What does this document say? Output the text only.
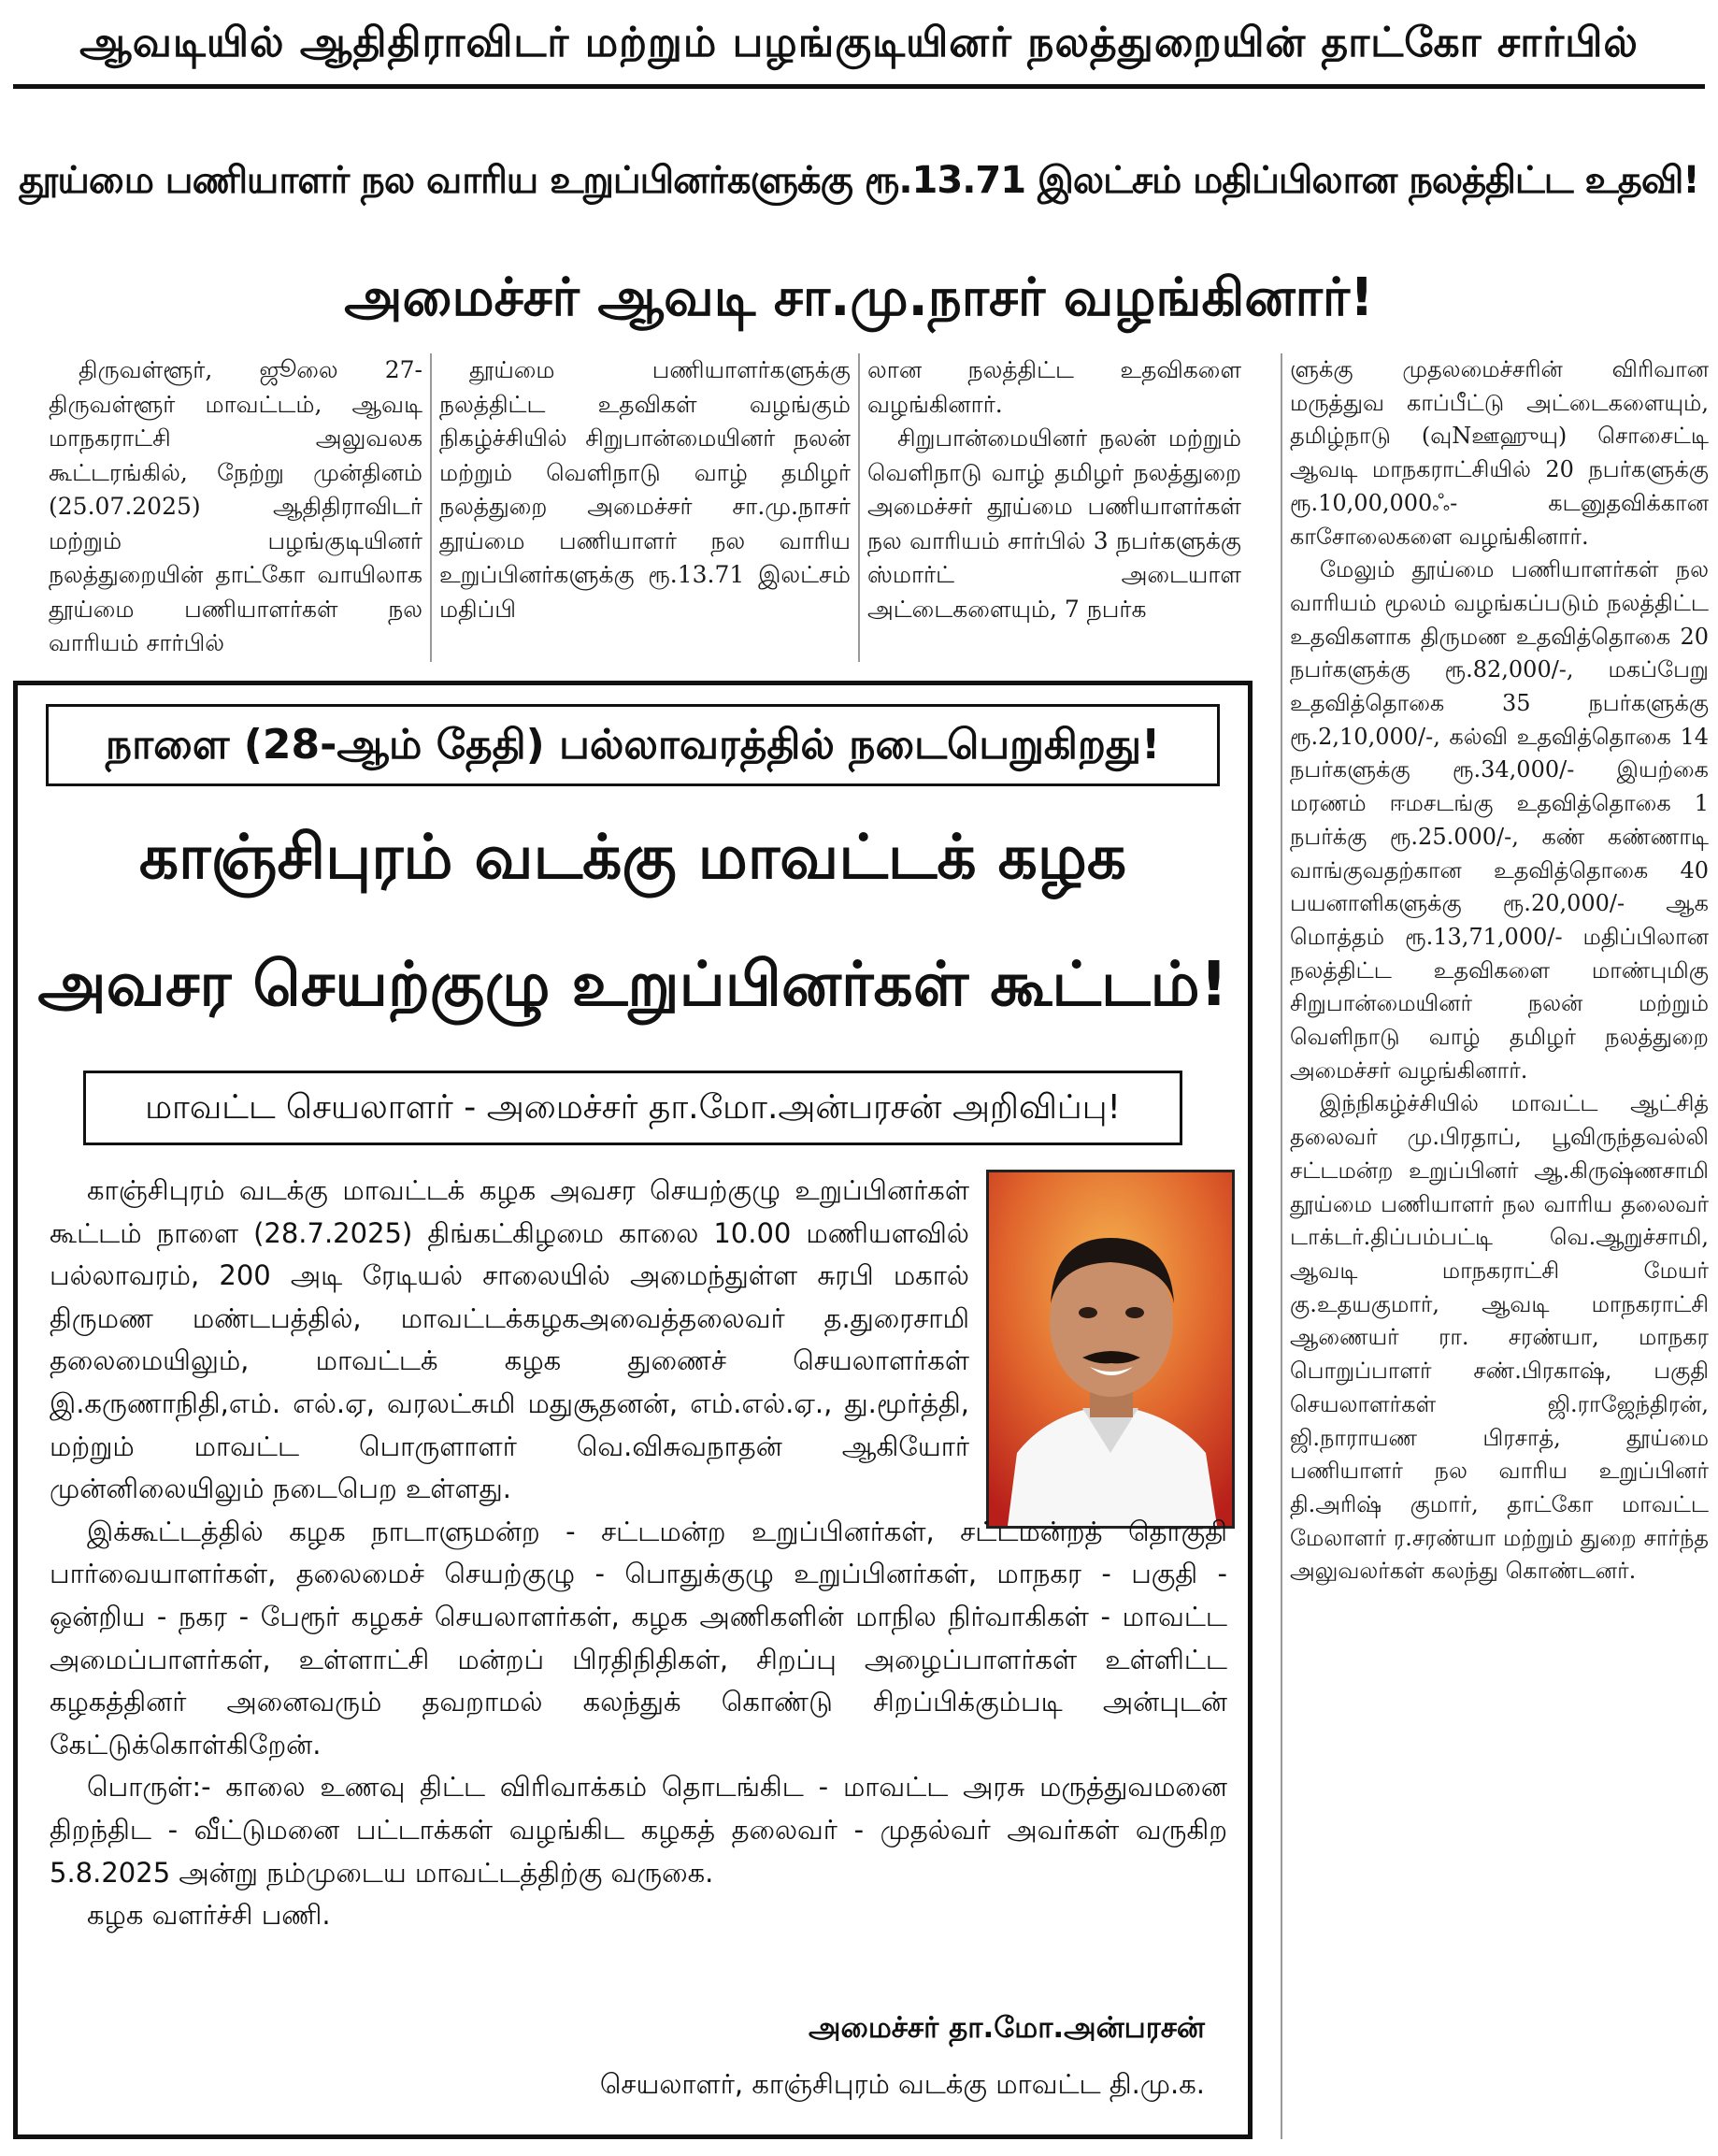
ஆவடியில் ஆதிதிராவிடர் மற்றும் பழங்குடியினர் நலத்துறையின் தாட்கோ சார்பில்
தூய்மை பணியாளர் நல வாரிய உறுப்பினர்களுக்கு ரூ.13.71 இலட்சம் மதிப்பிலான நலத்திட்ட உதவி!
அமைச்சர் ஆவடி சா.மு.நாசர் வழங்கினார்!

திருவள்ளூர், ஜூலை 27- திருவள்ளூர் மாவட்டம், ஆவடி மாநகராட்சி அலுவலக கூட்டரங்கில், நேற்று முன்தினம் (25.07.2025) ஆதிதிராவிடர் மற்றும் பழங்குடியினர் நலத்துறையின் தாட்கோ வாயிலாக தூய்மை பணியாளர்கள் நல வாரியம் சார்பில்

தூய்மை பணியாளர்களுக்கு நலத்திட்ட உதவிகள் வழங்கும் நிகழ்ச்சியில் சிறுபான்மையினர் நலன் மற்றும் வெளிநாடு வாழ் தமிழர் நலத்துறை அமைச்சர் சா.மு.நாசர் தூய்மை பணியாளர் நல வாரிய உறுப்பினர்களுக்கு ரூ.13.71 இலட்சம் மதிப்பி

லான நலத்திட்ட உதவிகளை வழங்கினார்.

சிறுபான்மையினர் நலன் மற்றும் வெளிநாடு வாழ் தமிழர் நலத்துறை அமைச்சர் தூய்மை பணியாளர்கள் நல வாரியம் சார்பில் 3 நபர்களுக்கு ஸ்மார்ட் அடையாள அட்டைகளையும், 7 நபர்க

ளுக்கு முதலமைச்சரின் விரிவான மருத்துவ காப்பீட்டு அட்டைகளையும், தமிழ்நாடு (வுNஊஹுயு) சொசைட்டி ஆவடி மாநகராட்சியில் 20 நபர்களுக்கு ரூ.10,00,000ஃ- கடனுதவிக்கான காசோலைகளை வழங்கினார்.

மேலும் தூய்மை பணியாளர்கள் நல வாரியம் மூலம் வழங்கப்படும் நலத்திட்ட உதவிகளாக திருமண உதவித்தொகை 20 நபர்களுக்கு ரூ.82,000/-, மகப்பேறு உதவித்தொகை 35 நபர்களுக்கு ரூ.2,10,000/-, கல்வி உதவித்தொகை 14 நபர்களுக்கு ரூ.34,000/- இயற்கை மரணம் ஈமசடங்கு உதவித்தொகை 1 நபர்க்கு ரூ.25.000/-, கண் கண்ணாடி வாங்குவதற்கான உதவித்தொகை 40 பயனாளிகளுக்கு ரூ.20,000/- ஆக மொத்தம் ரூ.13,71,000/- மதிப்பிலான நலத்திட்ட உதவிகளை மாண்புமிகு சிறுபான்மையினர் நலன் மற்றும் வெளிநாடு வாழ் தமிழர் நலத்துறை அமைச்சர் வழங்கினார்.

இந்நிகழ்ச்சியில் மாவட்ட ஆட்சித் தலைவர் மு.பிரதாப், பூவிருந்தவல்லி சட்டமன்ற உறுப்பினர் ஆ.கிருஷ்ணசாமி தூய்மை பணியாளர் நல வாரிய தலைவர் டாக்டர்.திப்பம்பட்டி வெ.ஆறுச்சாமி, ஆவடி மாநகராட்சி மேயர் கு.உதயகுமார், ஆவடி மாநகராட்சி ஆணையர் ரா. சரண்யா, மாநகர பொறுப்பாளர் சண்.பிரகாஷ், பகுதி செயலாளர்கள் ஜி.ராஜேந்திரன், ஜி.நாராயண பிரசாத், தூய்மை பணியாளர் நல வாரிய உறுப்பினர் தி.அரிஷ் குமார், தாட்கோ மாவட்ட மேலாளர் ர.சரண்யா மற்றும் துறை சார்ந்த அலுவலர்கள் கலந்து கொண்டனர்.

நாளை (28-ஆம் தேதி) பல்லாவரத்தில் நடைபெறுகிறது!
காஞ்சிபுரம் வடக்கு மாவட்டக் கழக
அவசர செயற்குழு உறுப்பினர்கள் கூட்டம்!
மாவட்ட செயலாளர் - அமைச்சர் தா.மோ.அன்பரசன் அறிவிப்பு!

காஞ்சிபுரம் வடக்கு மாவட்டக் கழக அவசர செயற்குழு உறுப்பினர்கள் கூட்டம் நாளை (28.7.2025) திங்கட்கிழமை காலை 10.00 மணியளவில் பல்லாவரம், 200 அடி ரேடியல் சாலையில் அமைந்துள்ள சுரபி மகால் திருமண மண்டபத்தில், மாவட்டக்கழகஅவைத்தலைவர் த.துரைசாமி தலைமையிலும், மாவட்டக் கழக துணைச் செயலாளர்கள் இ.கருணாநிதி,எம். எல்.ஏ, வரலட்சுமி மதுசூதனன், எம்.எல்.ஏ., து.மூர்த்தி, மற்றும் மாவட்ட பொருளாளர் வெ.விசுவநாதன் ஆகியோர் முன்னிலையிலும் நடைபெற உள்ளது.

இக்கூட்டத்தில் கழக நாடாளுமன்ற - சட்டமன்ற உறுப்பினர்கள், சட்டமன்றத் தொகுதி பார்வையாளர்கள், தலைமைச் செயற்குழு - பொதுக்குழு உறுப்பினர்கள், மாநகர - பகுதி - ஒன்றிய - நகர - பேரூர் கழகச் செயலாளர்கள், கழக அணிகளின் மாநில நிர்வாகிகள் - மாவட்ட அமைப்பாளர்கள், உள்ளாட்சி மன்றப் பிரதிநிதிகள், சிறப்பு அழைப்பாளர்கள் உள்ளிட்ட கழகத்தினர் அனைவரும் தவறாமல் கலந்துக் கொண்டு சிறப்பிக்கும்படி அன்புடன் கேட்டுக்கொள்கிறேன்.

பொருள்:- காலை உணவு திட்ட விரிவாக்கம் தொடங்கிட - மாவட்ட அரசு மருத்துவமனை திறந்திட - வீட்டுமனை பட்டாக்கள் வழங்கிட கழகத் தலைவர் - முதல்வர் அவர்கள் வருகிற 5.8.2025 அன்று நம்முடைய மாவட்டத்திற்கு வருகை.

கழக வளர்ச்சி பணி.

அமைச்சர் தா.மோ.அன்பரசன்
செயலாளர், காஞ்சிபுரம் வடக்கு மாவட்ட தி.மு.க.
